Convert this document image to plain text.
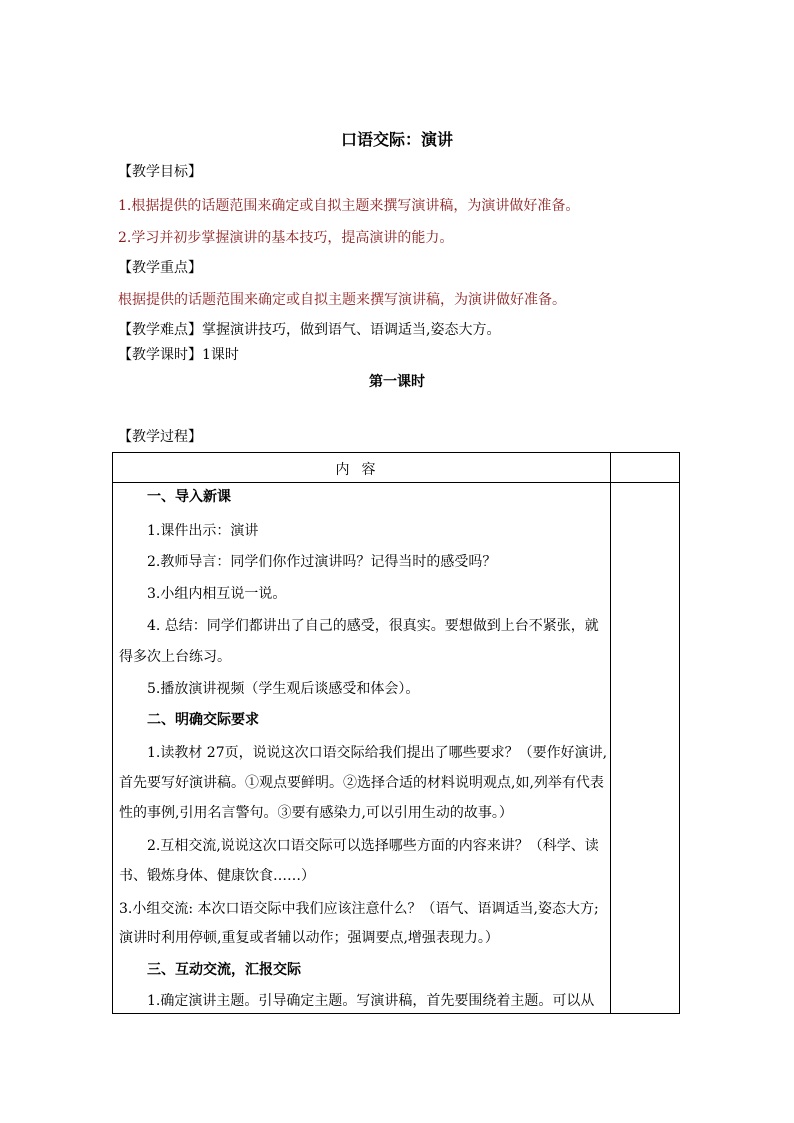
口语交际：演讲
【教学目标】
1.根据提供的话题范围来确定或自拟主题来撰写演讲稿，为演讲做好准备。
2.学习并初步掌握演讲的基本技巧，提高演讲的能力。
【教学重点】
根据提供的话题范围来确定或自拟主题来撰写演讲稿，为演讲做好准备。
【教学难点】掌握演讲技巧，做到语气、语调适当,姿态大方。
【教学课时】1课时
第一课时
【教学过程】
内容
一、导入新课
1.课件出示：演讲
2.教师导言：同学们你作过演讲吗？记得当时的感受吗？
3.小组内相互说一说。
4. 总结：同学们都讲出了自己的感受，很真实。要想做到上台不紧张，就
得多次上台练习。
5.播放演讲视频（学生观后谈感受和体会）。
二、明确交际要求
1.读教材 27页，说说这次口语交际给我们提出了哪些要求？（要作好演讲,
首先要写好演讲稿。①观点要鲜明。②选择合适的材料说明观点,如,列举有代表
性的事例,引用名言警句。③要有感染力,可以引用生动的故事。）
2.互相交流,说说这次口语交际可以选择哪些方面的内容来讲？（科学、读
书、锻炼身体、健康饮食……）
3.小组交流: 本次口语交际中我们应该注意什么？（语气、语调适当,姿态大方;
演讲时利用停顿,重复或者辅以动作；强调要点,增强表现力。）
三、互动交流，汇报交际
1.确定演讲主题。引导确定主题。写演讲稿，首先要围绕着主题。可以从
